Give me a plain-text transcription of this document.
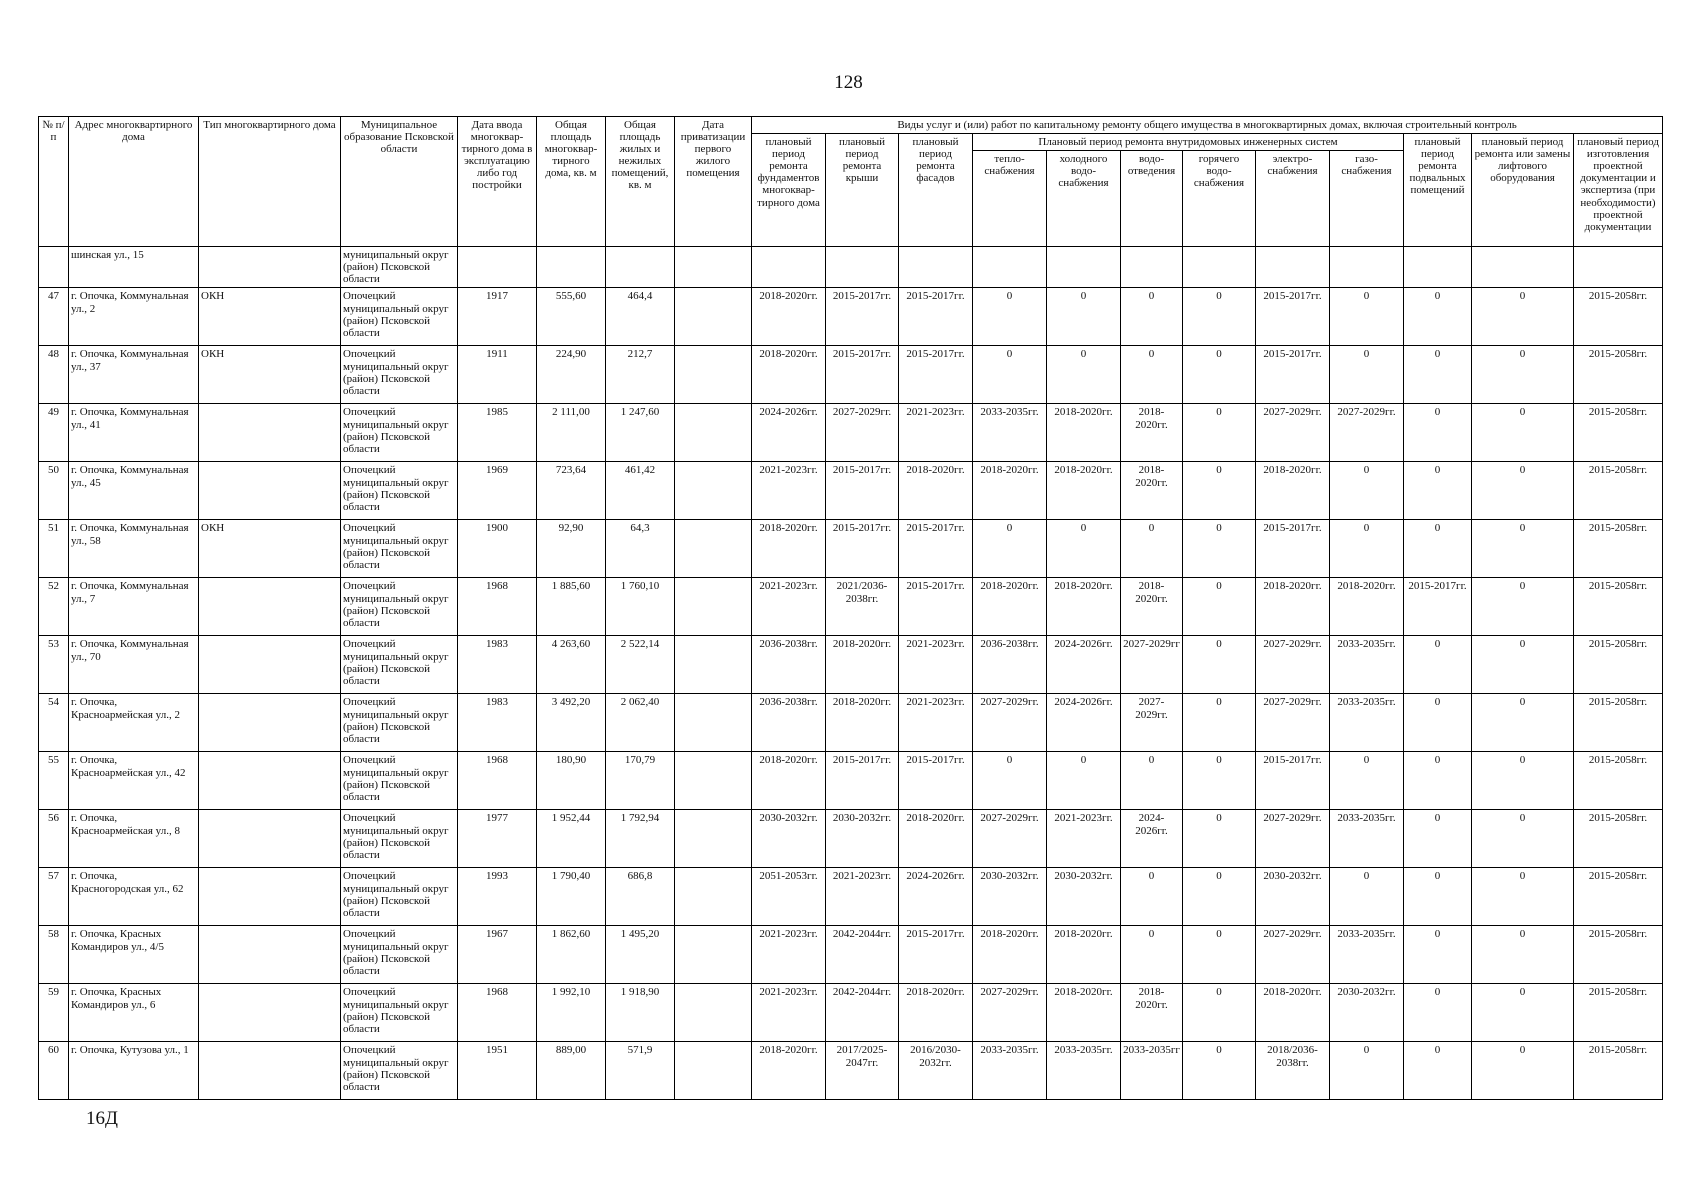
128
№ п/п	Адрес многоквартирного дома	Тип многоквартирного дома	Муниципальное образование Псковской области	Дата ввода многоквар-тирного дома в эксплуатацию либо год постройки	Общая площадь многоквар-тирного дома, кв. м	Общая площадь жилых и нежилых помещений, кв. м	Дата приватизации первого жилого помещения	Виды услуг и (или) работ по капитальному ремонту общего имущества в многоквартирных домах, включая строительный контроль											
								плановый период ремонта фундаментов многоквар-тирного дома	плановый период ремонта крыши	плановый период ремонта фасадов	Плановый период ремонта внутридомовых инженерных систем						плановый период ремонта подвальных помещений	плановый период ремонта или замены лифтового оборудования	плановый период изготовления проектной документации и экспертиза (при необходимости) проектной документации
											тепло-снабжения	холодного водо-снабжения	водо-отведения	горячего водо-снабжения	электро-снабжения	газо-снабжения			
	шинская ул., 15		муниципальный округ (район) Псковской области																
47	г. Опочка, Коммунальная ул., 2	ОКН	Опочецкий муниципальный округ (район) Псковской области	1917	555,60	464,4		2018-2020гг.	2015-2017гг.	2015-2017гг.	0	0	0	0	2015-2017гг.	0	0	0	2015-2058гг.
48	г. Опочка, Коммунальная ул., 37	ОКН	Опочецкий муниципальный округ (район) Псковской области	1911	224,90	212,7		2018-2020гг.	2015-2017гг.	2015-2017гг.	0	0	0	0	2015-2017гг.	0	0	0	2015-2058гг.
49	г. Опочка, Коммунальная ул., 41		Опочецкий муниципальный округ (район) Псковской области	1985	2 111,00	1 247,60		2024-2026гг.	2027-2029гг.	2021-2023гг.	2033-2035гг.	2018-2020гг.	2018-2020гг.	0	2027-2029гг.	2027-2029гг.	0	0	2015-2058гг.
50	г. Опочка, Коммунальная ул., 45		Опочецкий муниципальный округ (район) Псковской области	1969	723,64	461,42		2021-2023гг.	2015-2017гг.	2018-2020гг.	2018-2020гг.	2018-2020гг.	2018-2020гг.	0	2018-2020гг.	0	0	0	2015-2058гг.
51	г. Опочка, Коммунальная ул., 58	ОКН	Опочецкий муниципальный округ (район) Псковской области	1900	92,90	64,3		2018-2020гг.	2015-2017гг.	2015-2017гг.	0	0	0	0	2015-2017гг.	0	0	0	2015-2058гг.
52	г. Опочка, Коммунальная ул., 7		Опочецкий муниципальный округ (район) Псковской области	1968	1 885,60	1 760,10		2021-2023гг.	2021/2036-2038гг.	2015-2017гг.	2018-2020гг.	2018-2020гг.	2018-2020гг.	0	2018-2020гг.	2018-2020гг.	2015-2017гг.	0	2015-2058гг.
53	г. Опочка, Коммунальная ул., 70		Опочецкий муниципальный округ (район) Псковской области	1983	4 263,60	2 522,14		2036-2038гг.	2018-2020гг.	2021-2023гг.	2036-2038гг.	2024-2026гг.	2027-2029гг	0	2027-2029гг.	2033-2035гг.	0	0	2015-2058гг.
54	г. Опочка, Красноармейская ул., 2		Опочецкий муниципальный округ (район) Псковской области	1983	3 492,20	2 062,40		2036-2038гг.	2018-2020гг.	2021-2023гг.	2027-2029гг.	2024-2026гг.	2027-2029гг.	0	2027-2029гг.	2033-2035гг.	0	0	2015-2058гг.
55	г. Опочка, Красноармейская ул., 42		Опочецкий муниципальный округ (район) Псковской области	1968	180,90	170,79		2018-2020гг.	2015-2017гг.	2015-2017гг.	0	0	0	0	2015-2017гг.	0	0	0	2015-2058гг.
56	г. Опочка, Красноармейская ул., 8		Опочецкий муниципальный округ (район) Псковской области	1977	1 952,44	1 792,94		2030-2032гг.	2030-2032гг.	2018-2020гг.	2027-2029гг.	2021-2023гг.	2024-2026гг.	0	2027-2029гг.	2033-2035гг.	0	0	2015-2058гг.
57	г. Опочка, Красногородская ул., 62		Опочецкий муниципальный округ (район) Псковской области	1993	1 790,40	686,8		2051-2053гг.	2021-2023гг.	2024-2026гг.	2030-2032гг.	2030-2032гг.	0	0	2030-2032гг.	0	0	0	2015-2058гг.
58	г. Опочка, Красных Командиров ул., 4/5		Опочецкий муниципальный округ (район) Псковской области	1967	1 862,60	1 495,20		2021-2023гг.	2042-2044гг.	2015-2017гг.	2018-2020гг.	2018-2020гг.	0	0	2027-2029гг.	2033-2035гг.	0	0	2015-2058гг.
59	г. Опочка, Красных Командиров ул., 6		Опочецкий муниципальный округ (район) Псковской области	1968	1 992,10	1 918,90		2021-2023гг.	2042-2044гг.	2018-2020гг.	2027-2029гг.	2018-2020гг.	2018-2020гг.	0	2018-2020гг.	2030-2032гг.	0	0	2015-2058гг.
60	г. Опочка, Кутузова ул., 1		Опочецкий муниципальный округ (район) Псковской области	1951	889,00	571,9		2018-2020гг.	2017/2025-2047гг.	2016/2030-2032гг.	2033-2035гг.	2033-2035гг.	2033-2035гг	0	2018/2036-2038гг.	0	0	0	2015-2058гг.
16Д
